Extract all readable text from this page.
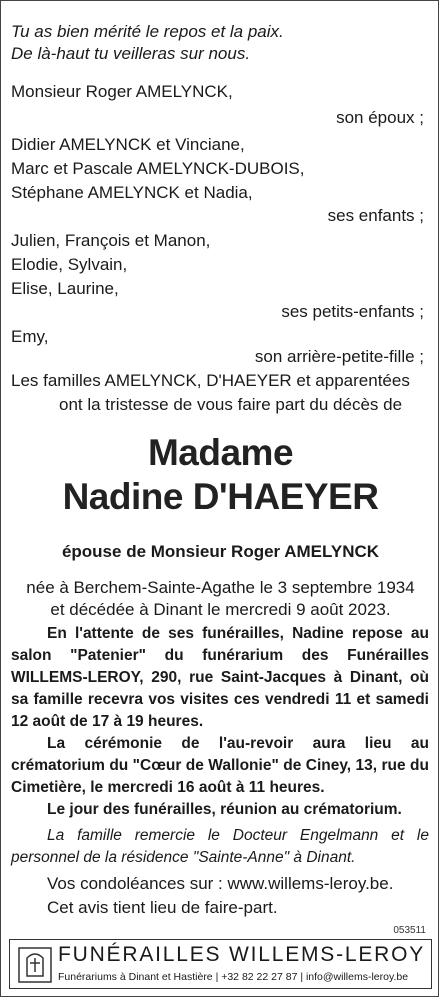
Tu as bien mérité le repos et la paix.
De là-haut tu veilleras sur nous.
Monsieur Roger AMELYNCK,
son époux ;
Didier AMELYNCK et Vinciane,
Marc et Pascale AMELYNCK-DUBOIS,
Stéphane AMELYNCK et Nadia,
ses enfants ;
Julien, François et Manon,
Elodie, Sylvain,
Elise, Laurine,
ses petits-enfants ;
Emy,
son arrière-petite-fille ;
Les familles AMELYNCK, D'HAEYER et apparentées
ont la tristesse de vous faire part du décès de
Madame
Nadine D'HAEYER
épouse de Monsieur Roger AMELYNCK
née à Berchem-Sainte-Agathe le 3 septembre 1934
et décédée à Dinant le mercredi 9 août 2023.
En l'attente de ses funérailles, Nadine repose au salon "Patenier" du funérarium des Funérailles WILLEMS-LEROY, 290, rue Saint-Jacques à Dinant, où sa famille recevra vos visites ces vendredi 11 et samedi 12 août de 17 à 19 heures.
La cérémonie de l'au-revoir aura lieu au crématorium du "Cœur de Wallonie" de Ciney, 13, rue du Cimetière, le mercredi 16 août à 11 heures.
Le jour des funérailles, réunion au crématorium.
La famille remercie le Docteur Engelmann et le personnel de la résidence "Sainte-Anne" à Dinant.
Vos condoléances sur : www.willems-leroy.be.
Cet avis tient lieu de faire-part.
053511
FUNÉRAILLES WILLEMS-LEROY
Funérariums à Dinant et Hastière | +32 82 22 27 87 | info@willems-leroy.be
